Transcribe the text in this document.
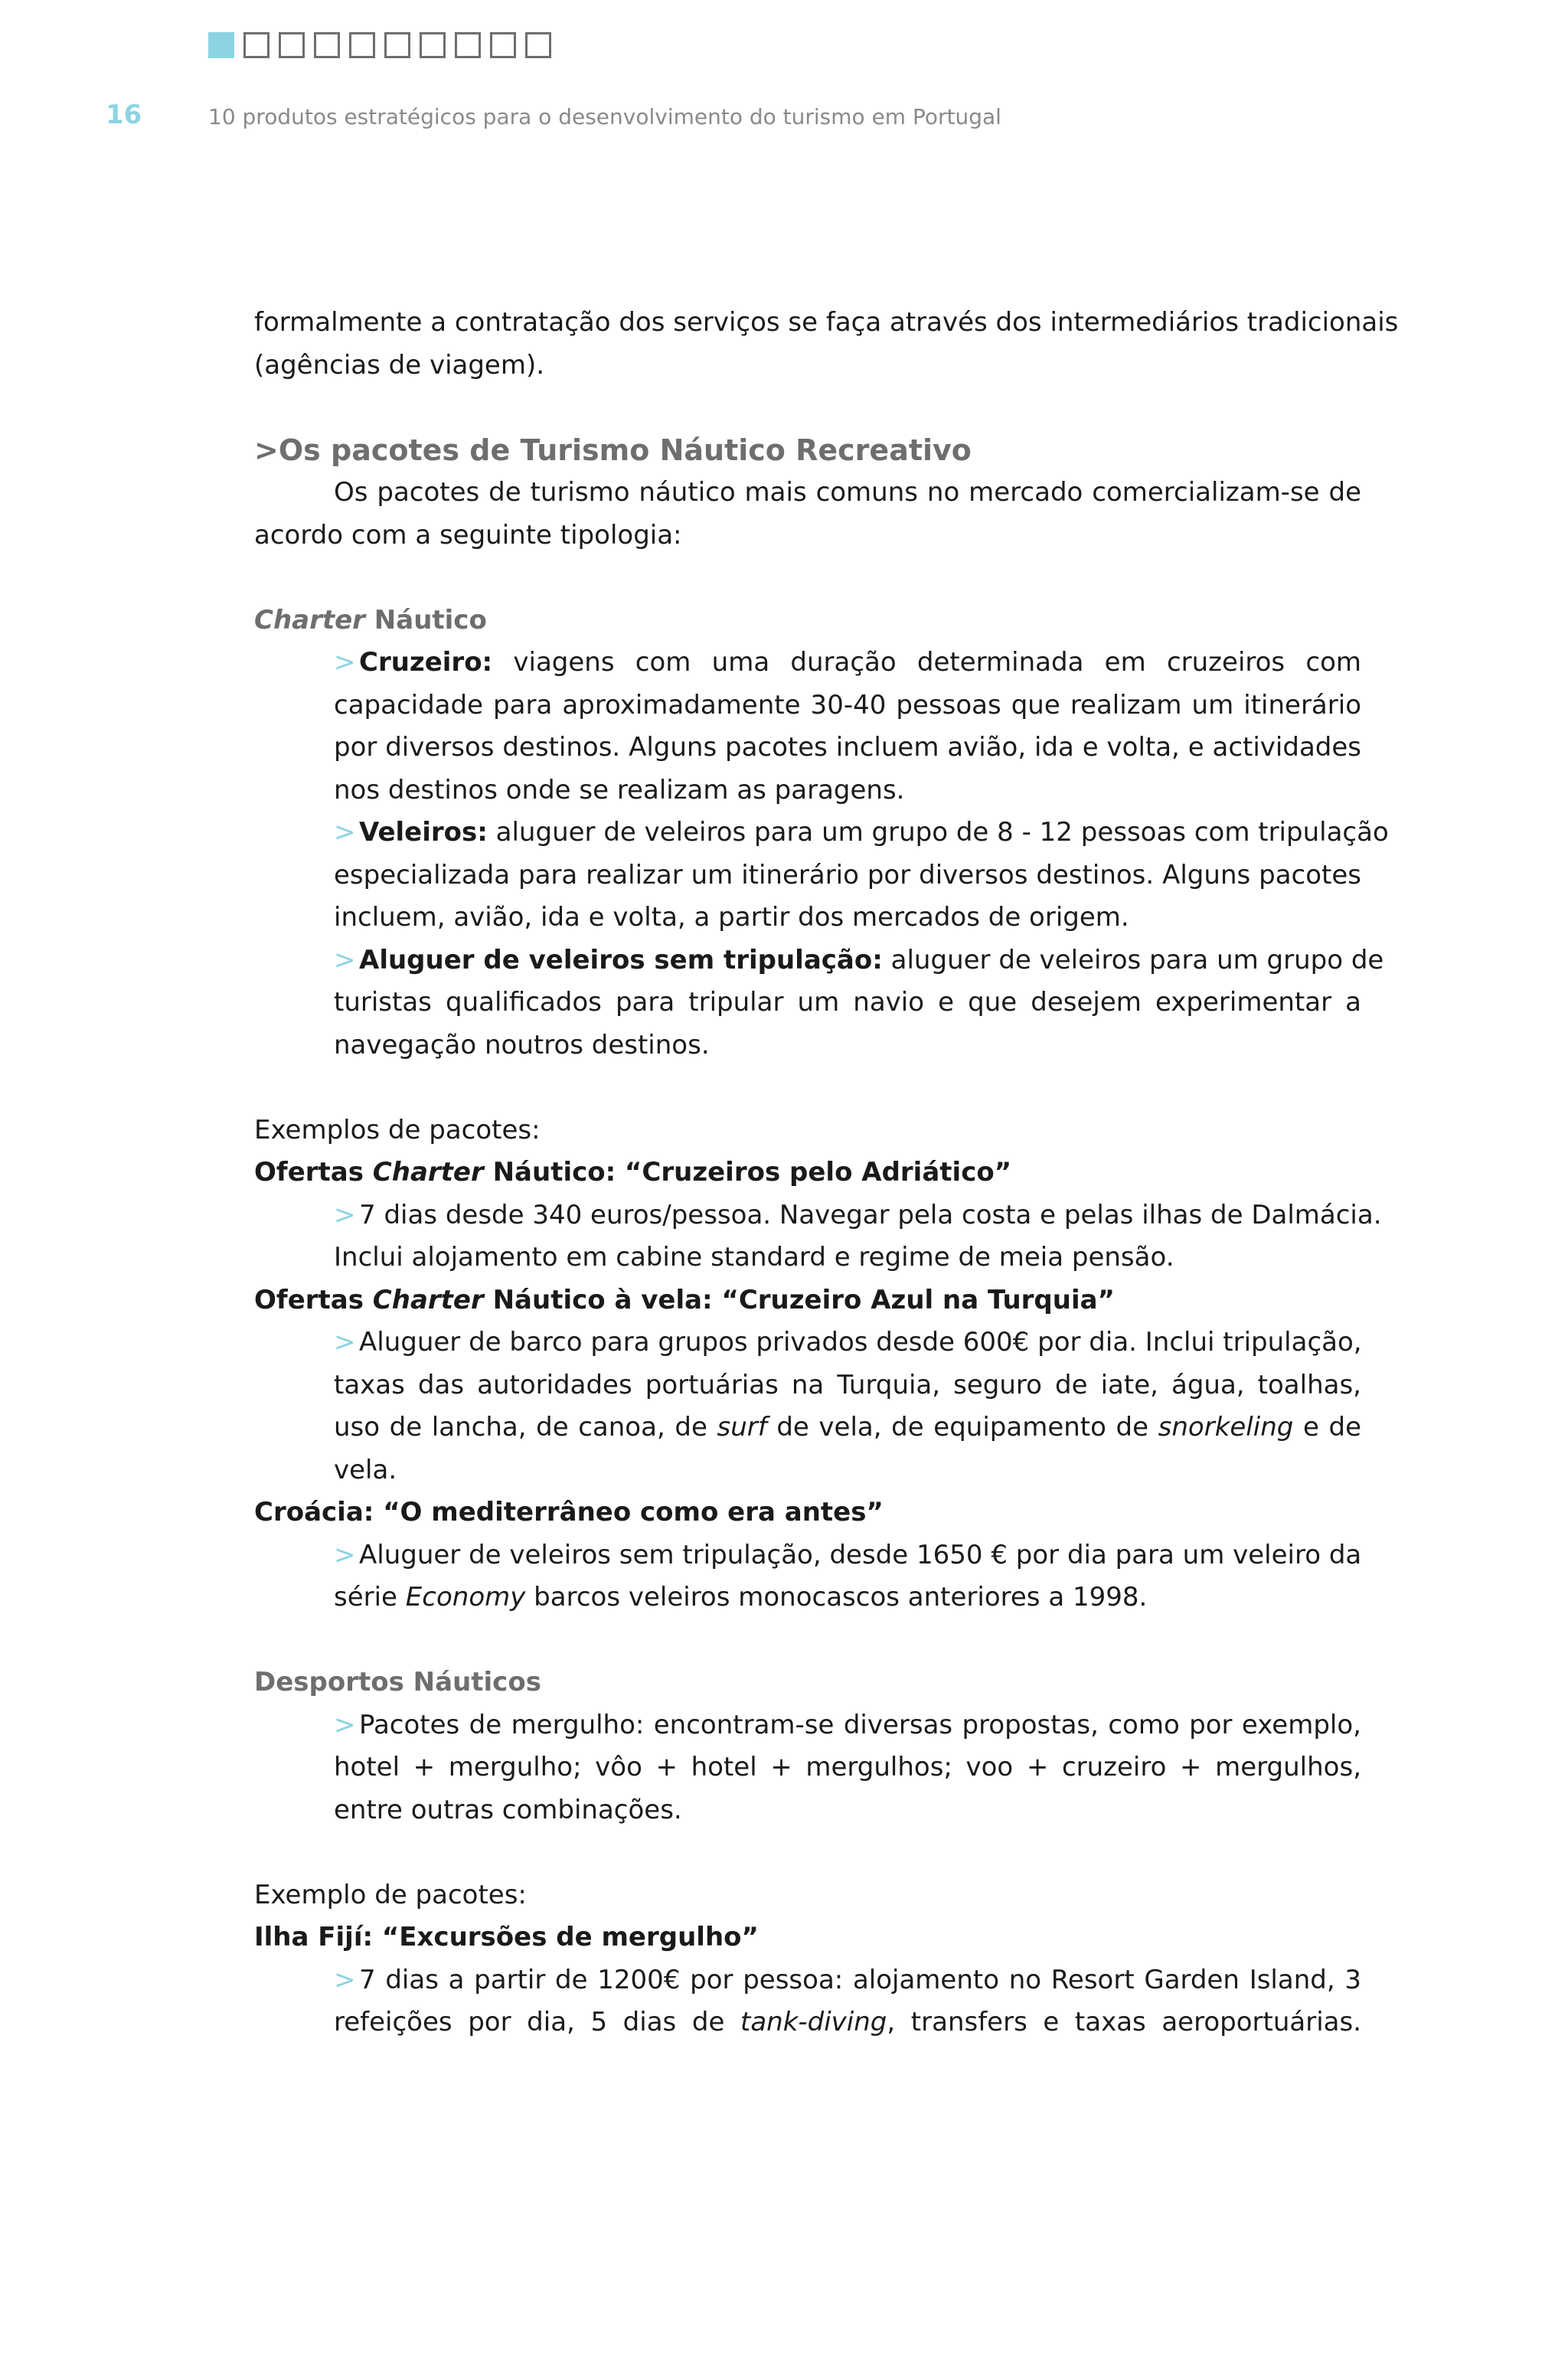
16	10 produtos estratégicos para o desenvolvimento do turismo em Portugal

formalmente a contratação dos serviços se faça através dos intermediários tradicionais

(agências de viagem).

>Os pacotes de Turismo Náutico Recreativo

Os pacotes de turismo náutico mais comuns no mercado comercializam-se de

acordo com a seguinte tipologia:

Charter Náutico

> Cruzeiro: viagens com uma duração determinada em cruzeiros com
capacidade para aproximadamente 30-40 pessoas que realizam um itinerário
por diversos destinos. Alguns pacotes incluem avião, ida e volta, e actividades
nos destinos onde se realizam as paragens.
> Veleiros: aluguer de veleiros para um grupo de 8 - 12 pessoas com tripulação
especializada para realizar um itinerário por diversos destinos. Alguns pacotes
incluem, avião, ida e volta, a partir dos mercados de origem.
> Aluguer de veleiros sem tripulação: aluguer de veleiros para um grupo de
turistas qualificados para tripular um navio e que desejem experimentar a
navegação noutros destinos.

Exemplos de pacotes:

Ofertas Charter Náutico: “Cruzeiros pelo Adriático”

> 7 dias desde 340 euros/pessoa. Navegar pela costa e pelas ilhas de Dalmácia.
Inclui alojamento em cabine standard e regime de meia pensão.

Ofertas Charter Náutico à vela: “Cruzeiro Azul na Turquia”

> Aluguer de barco para grupos privados desde 600€ por dia. Inclui tripulação,
taxas das autoridades portuárias na Turquia, seguro de iate, água, toalhas,
uso de lancha, de canoa, de surf de vela, de equipamento de snorkeling e de
vela.

Croácia: “O mediterrâneo como era antes”

> Aluguer de veleiros sem tripulação, desde 1650 € por dia para um veleiro da
série Economy barcos veleiros monocascos anteriores a 1998.

Desportos Náuticos

> Pacotes de mergulho: encontram-se diversas propostas, como por exemplo,
hotel + mergulho; vôo + hotel + mergulhos; voo + cruzeiro + mergulhos,
entre outras combinações.

Exemplo de pacotes:

Ilha Fijí: “Excursões de mergulho”

> 7 dias a partir de 1200€ por pessoa: alojamento no Resort Garden Island, 3
refeições por dia, 5 dias de tank-diving, transfers e taxas aeroportuárias.
